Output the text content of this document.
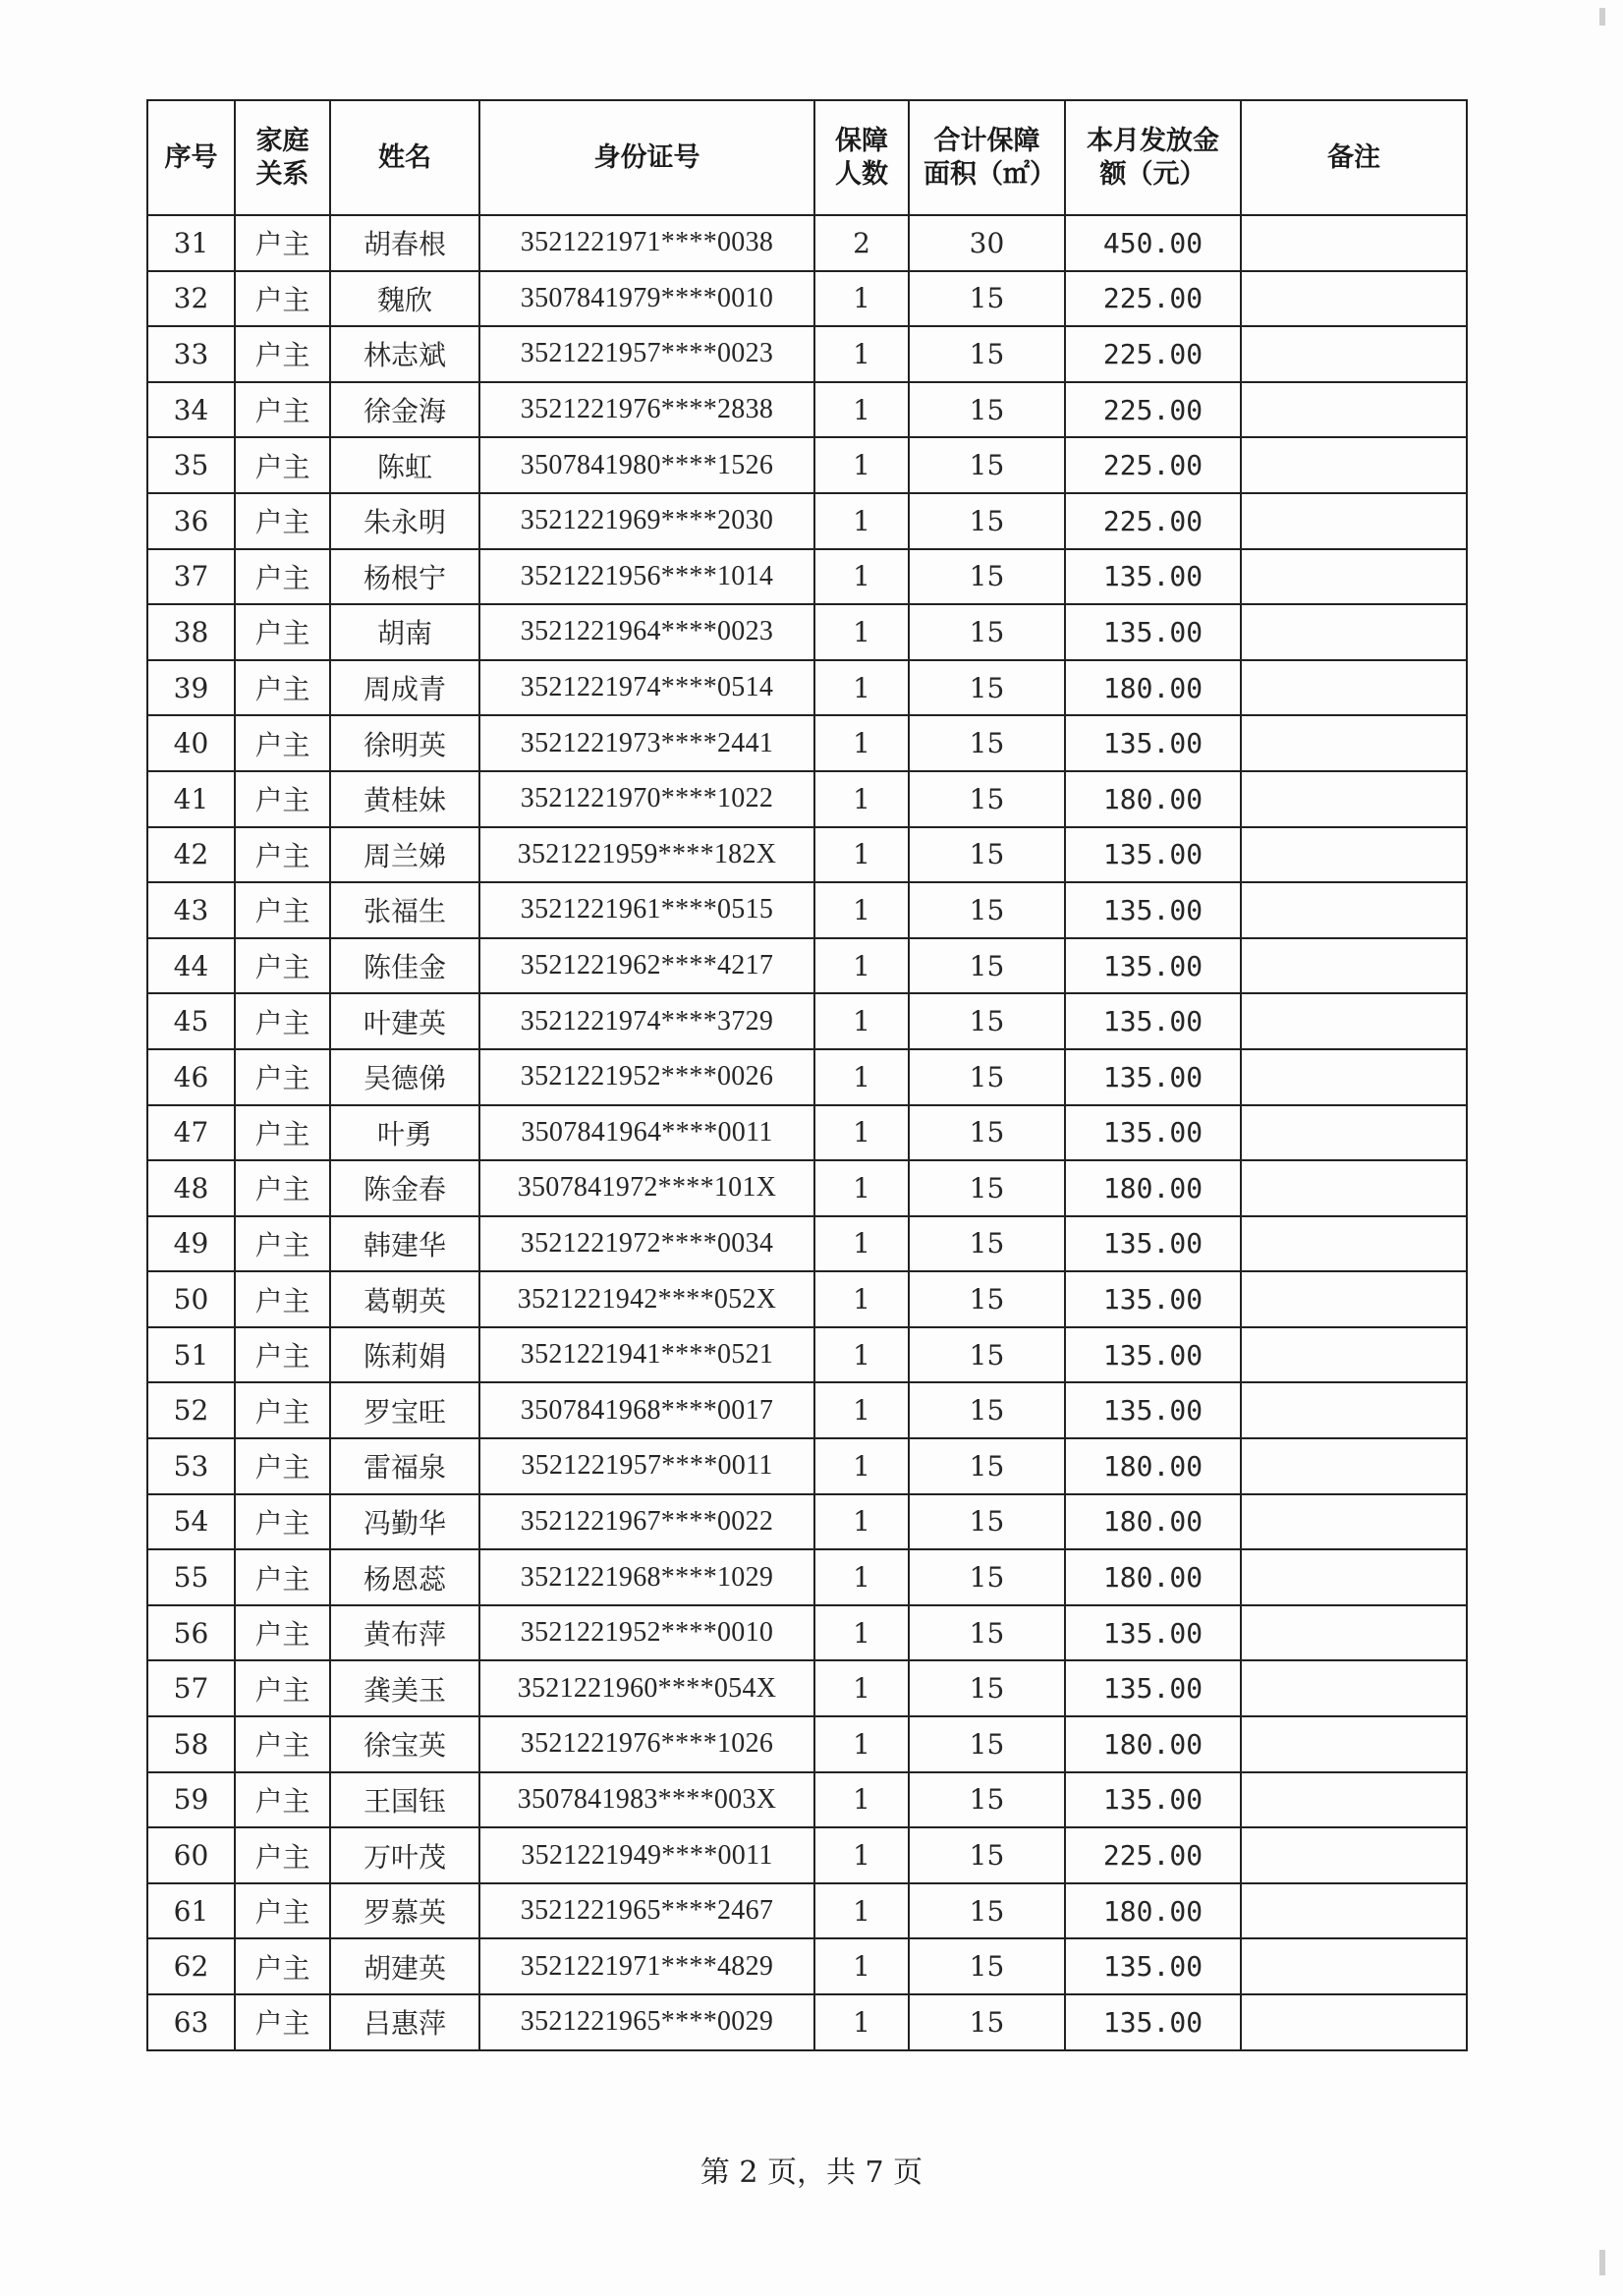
序号	家庭关系	姓名	身份证号	保障人数	合计保障面积（㎡）	本月发放金额（元）	备注
31	户主	胡春根	3521221971****0038	2	30	450.00	
32	户主	魏欣	3507841979****0010	1	15	225.00	
33	户主	林志斌	3521221957****0023	1	15	225.00	
34	户主	徐金海	3521221976****2838	1	15	225.00	
35	户主	陈虹	3507841980****1526	1	15	225.00	
36	户主	朱永明	3521221969****2030	1	15	225.00	
37	户主	杨根宁	3521221956****1014	1	15	135.00	
38	户主	胡南	3521221964****0023	1	15	135.00	
39	户主	周成青	3521221974****0514	1	15	180.00	
40	户主	徐明英	3521221973****2441	1	15	135.00	
41	户主	黄桂妹	3521221970****1022	1	15	180.00	
42	户主	周兰娣	3521221959****182X	1	15	135.00	
43	户主	张福生	3521221961****0515	1	15	135.00	
44	户主	陈佳金	3521221962****4217	1	15	135.00	
45	户主	叶建英	3521221974****3729	1	15	135.00	
46	户主	吴德俤	3521221952****0026	1	15	135.00	
47	户主	叶勇	3507841964****0011	1	15	135.00	
48	户主	陈金春	3507841972****101X	1	15	180.00	
49	户主	韩建华	3521221972****0034	1	15	135.00	
50	户主	葛朝英	3521221942****052X	1	15	135.00	
51	户主	陈莉娟	3521221941****0521	1	15	135.00	
52	户主	罗宝旺	3507841968****0017	1	15	135.00	
53	户主	雷福泉	3521221957****0011	1	15	180.00	
54	户主	冯勤华	3521221967****0022	1	15	180.00	
55	户主	杨恩蕊	3521221968****1029	1	15	180.00	
56	户主	黄布萍	3521221952****0010	1	15	135.00	
57	户主	龚美玉	3521221960****054X	1	15	135.00	
58	户主	徐宝英	3521221976****1026	1	15	180.00	
59	户主	王国钰	3507841983****003X	1	15	135.00	
60	户主	万叶茂	3521221949****0011	1	15	225.00	
61	户主	罗慕英	3521221965****2467	1	15	180.00	
62	户主	胡建英	3521221971****4829	1	15	135.00	
63	户主	吕惠萍	3521221965****0029	1	15	135.00	
第 2 页，共 7 页
